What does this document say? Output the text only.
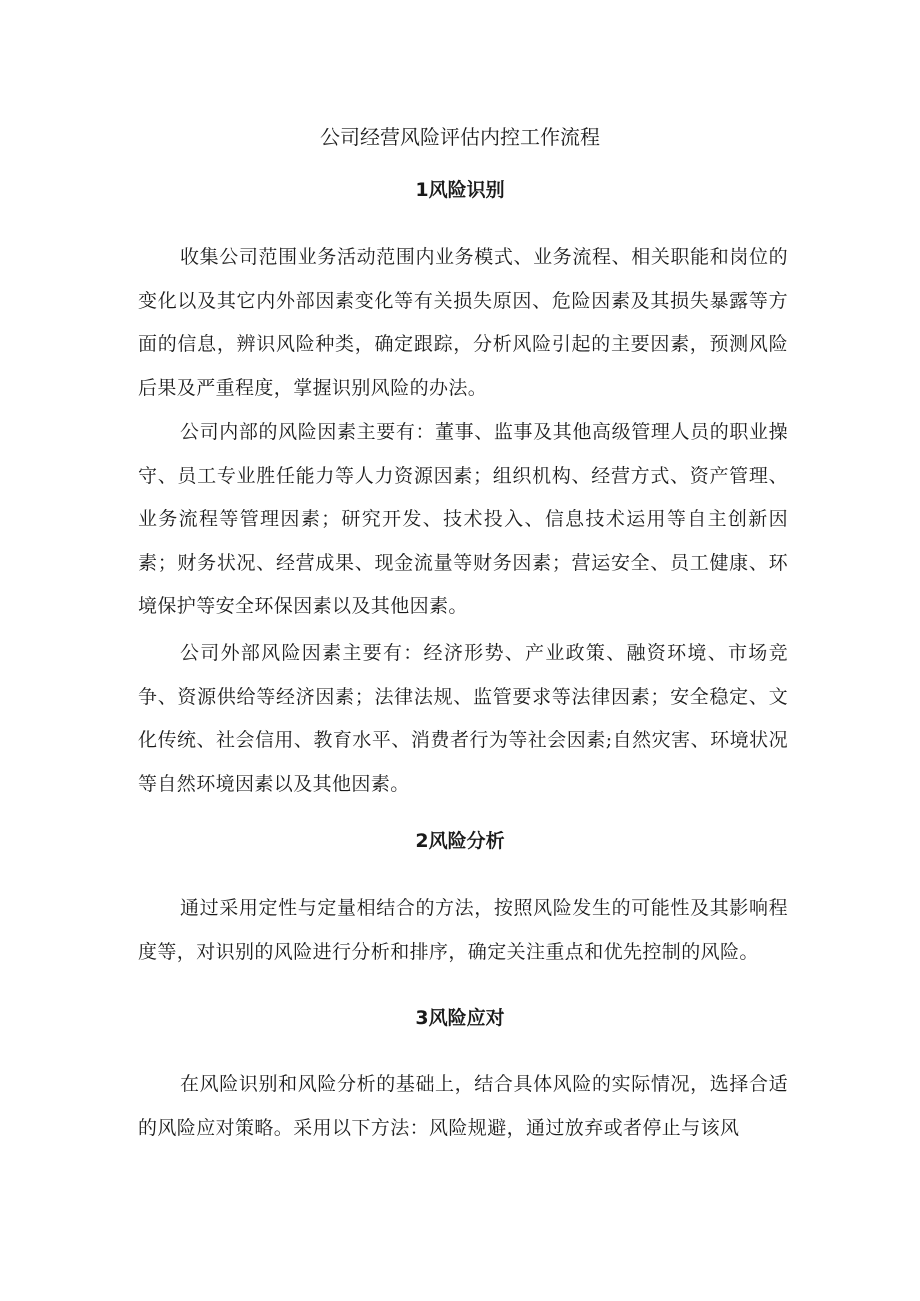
公司经营风险评估内控工作流程
1风险识别

收集公司范围业务活动范围内业务模式、业务流程、相关职能和岗位的变化以及其它内外部因素变化等有关损失原因、危险因素及其损失暴露等方面的信息，辨识风险种类，确定跟踪，分析风险引起的主要因素，预测风险后果及严重程度，掌握识别风险的办法。

公司内部的风险因素主要有：董事、监事及其他高级管理人员的职业操守、员工专业胜任能力等人力资源因素；组织机构、经营方式、资产管理、业务流程等管理因素；研究开发、技术投入、信息技术运用等自主创新因素；财务状况、经营成果、现金流量等财务因素；营运安全、员工健康、环境保护等安全环保因素以及其他因素。

公司外部风险因素主要有：经济形势、产业政策、融资环境、市场竞争、资源供给等经济因素；法律法规、监管要求等法律因素；安全稳定、文化传统、社会信用、教育水平、消费者行为等社会因素;自然灾害、环境状况等自然环境因素以及其他因素。

2风险分析

通过采用定性与定量相结合的方法，按照风险发生的可能性及其影响程度等，对识别的风险进行分析和排序，确定关注重点和优先控制的风险。

3风险应对

在风险识别和风险分析的基础上，结合具体风险的实际情况，选择合适的风险应对策略。采用以下方法：风险规避，通过放弃或者停止与该风
